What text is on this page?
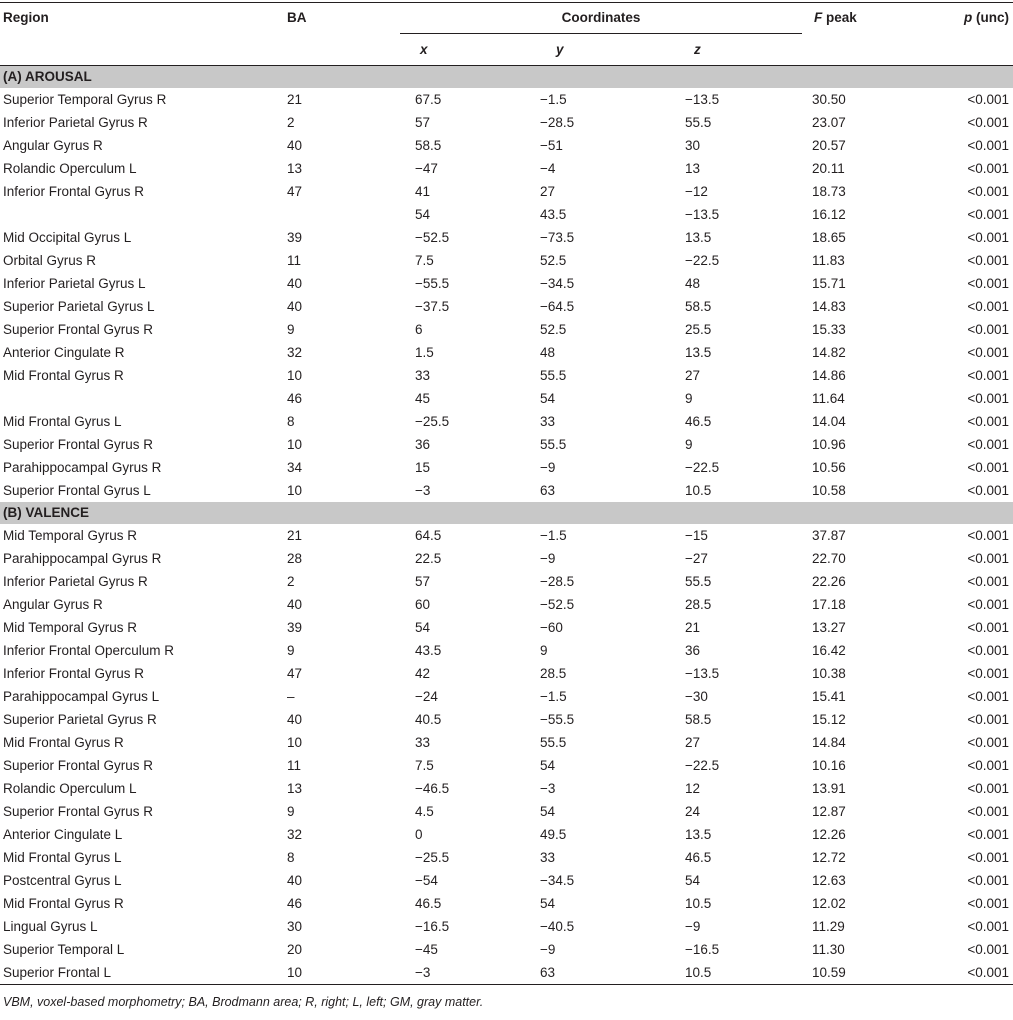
Region	BA	Coordinates			F peak	p (unc)
		x	y	z		
(A) AROUSAL						
Superior Temporal Gyrus R	21	67.5	−1.5	−13.5	30.50	<0.001
Inferior Parietal Gyrus R	2	57	−28.5	55.5	23.07	<0.001
Angular Gyrus R	40	58.5	−51	30	20.57	<0.001
Rolandic Operculum L	13	−47	−4	13	20.11	<0.001
Inferior Frontal Gyrus R	47	41	27	−12	18.73	<0.001
		54	43.5	−13.5	16.12	<0.001
Mid Occipital Gyrus L	39	−52.5	−73.5	13.5	18.65	<0.001
Orbital Gyrus R	11	7.5	52.5	−22.5	11.83	<0.001
Inferior Parietal Gyrus L	40	−55.5	−34.5	48	15.71	<0.001
Superior Parietal Gyrus L	40	−37.5	−64.5	58.5	14.83	<0.001
Superior Frontal Gyrus R	9	6	52.5	25.5	15.33	<0.001
Anterior Cingulate R	32	1.5	48	13.5	14.82	<0.001
Mid Frontal Gyrus R	10	33	55.5	27	14.86	<0.001
	46	45	54	9	11.64	<0.001
Mid Frontal Gyrus L	8	−25.5	33	46.5	14.04	<0.001
Superior Frontal Gyrus R	10	36	55.5	9	10.96	<0.001
Parahippocampal Gyrus R	34	15	−9	−22.5	10.56	<0.001
Superior Frontal Gyrus L	10	−3	63	10.5	10.58	<0.001
(B) VALENCE						
Mid Temporal Gyrus R	21	64.5	−1.5	−15	37.87	<0.001
Parahippocampal Gyrus R	28	22.5	−9	−27	22.70	<0.001
Inferior Parietal Gyrus R	2	57	−28.5	55.5	22.26	<0.001
Angular Gyrus R	40	60	−52.5	28.5	17.18	<0.001
Mid Temporal Gyrus R	39	54	−60	21	13.27	<0.001
Inferior Frontal Operculum R	9	43.5	9	36	16.42	<0.001
Inferior Frontal Gyrus R	47	42	28.5	−13.5	10.38	<0.001
Parahippocampal Gyrus L	–	−24	−1.5	−30	15.41	<0.001
Superior Parietal Gyrus R	40	40.5	−55.5	58.5	15.12	<0.001
Mid Frontal Gyrus R	10	33	55.5	27	14.84	<0.001
Superior Frontal Gyrus R	11	7.5	54	−22.5	10.16	<0.001
Rolandic Operculum L	13	−46.5	−3	12	13.91	<0.001
Superior Frontal Gyrus R	9	4.5	54	24	12.87	<0.001
Anterior Cingulate L	32	0	49.5	13.5	12.26	<0.001
Mid Frontal Gyrus L	8	−25.5	33	46.5	12.72	<0.001
Postcentral Gyrus L	40	−54	−34.5	54	12.63	<0.001
Mid Frontal Gyrus R	46	46.5	54	10.5	12.02	<0.001
Lingual Gyrus L	30	−16.5	−40.5	−9	11.29	<0.001
Superior Temporal L	20	−45	−9	−16.5	11.30	<0.001
Superior Frontal L	10	−3	63	10.5	10.59	<0.001
VBM, voxel-based morphometry; BA, Brodmann area; R, right; L, left; GM, gray matter.						
